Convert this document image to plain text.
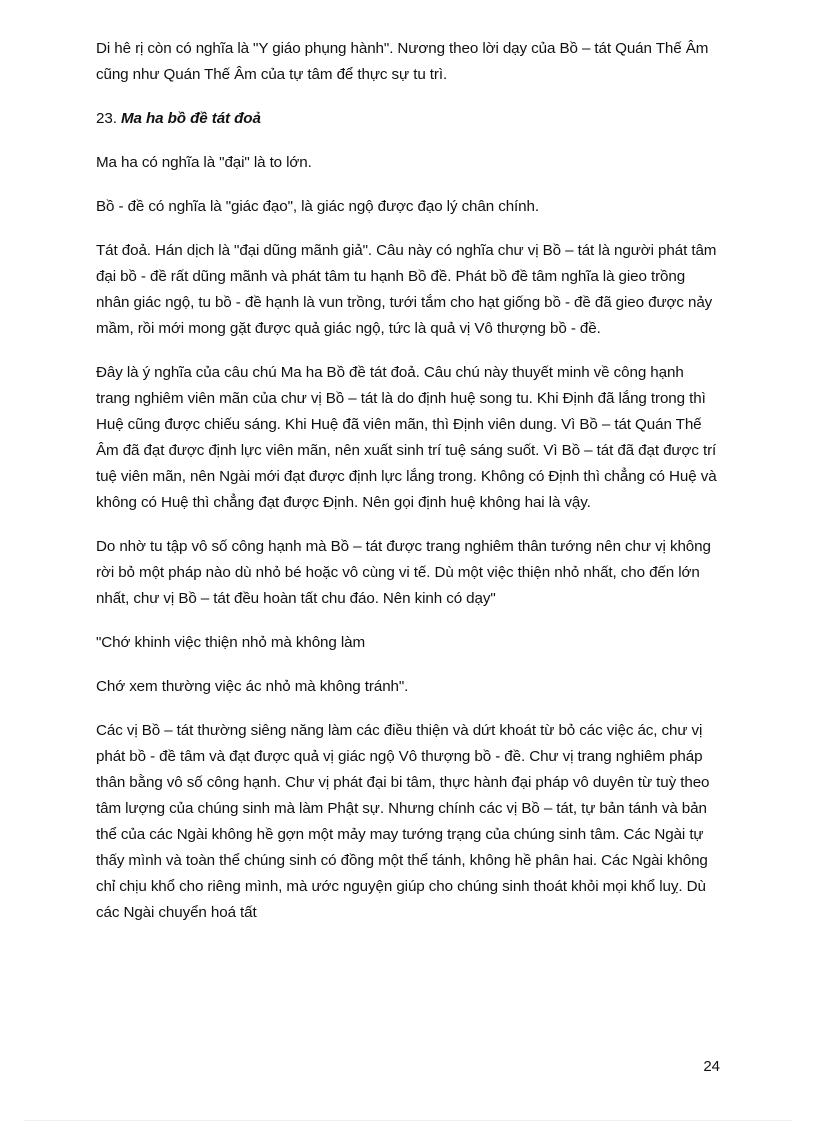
Di hê rị còn có nghĩa là "Y giáo phụng hành". Nương theo lời dạy của Bồ – tát Quán Thế Âm cũng như Quán Thế Âm của tự tâm để thực sự tu trì.

23. Ma ha bồ đề tát đoả

Ma ha có nghĩa là "đại" là to lớn.

Bồ - đề có nghĩa là "giác đạo", là giác ngộ được đạo lý chân chính.

Tát đoả. Hán dịch là "đại dũng mãnh giả". Câu này có nghĩa chư vị Bồ – tát là người phát tâm đại bồ - đề rất dũng mãnh và phát tâm tu hạnh Bồ đề. Phát bồ đề tâm nghĩa là gieo trồng nhân giác ngộ, tu bồ - đề hạnh là vun trồng, tưới tắm cho hạt giống bồ - đề đã gieo được nảy mầm, rồi mới mong gặt được quả giác ngộ, tức là quả vị Vô thượng bồ - đề.

Đây là ý nghĩa của câu chú Ma ha Bồ đề tát đoả. Câu chú này thuyết minh về công hạnh trang nghiêm viên mãn của chư vị Bồ – tát là do định huệ song tu. Khi Định đã lắng trong thì Huệ cũng được chiếu sáng. Khi Huệ đã viên mãn, thì Định viên dung. Vì Bồ – tát Quán Thế Âm đã đạt được định lực viên mãn, nên xuất sinh trí tuệ sáng suốt. Vì Bồ – tát đã đạt được trí tuệ viên mãn, nên Ngài mới đạt được định lực lắng trong. Không có Định thì chẳng có Huệ và không có Huệ thì chẳng đạt được Định. Nên gọi định huệ không hai là vậy.

Do nhờ tu tập vô số công hạnh mà Bồ – tát được trang nghiêm thân tướng nên chư vị không rời bỏ một pháp nào dù nhỏ bé hoặc vô cùng vi tế. Dù một việc thiện nhỏ nhất, cho đến lớn nhất, chư vị Bồ – tát đều hoàn tất chu đáo. Nên kinh có dạy"

"Chớ khinh việc thiện nhỏ mà không làm

Chớ xem thường việc ác nhỏ mà không tránh".

Các vị Bồ – tát thường siêng năng làm các điều thiện và dứt khoát từ bỏ các việc ác, chư vị phát bồ - đề tâm và đạt được quả vị giác ngộ Vô thượng bồ - đề. Chư vị trang nghiêm pháp thân bằng vô số công hạnh. Chư vị phát đại bi tâm, thực hành đại pháp vô duyên từ tuỳ theo tâm lượng của chúng sinh mà làm Phật sự. Nhưng chính các vị Bồ – tát, tự bản tánh và bản thể của các Ngài không hề gợn một mảy may tướng trạng của chúng sinh tâm. Các Ngài tự thấy mình và toàn thể chúng sinh có đồng một thể tánh, không hề phân hai. Các Ngài không chỉ chịu khổ cho riêng mình, mà ước nguyện giúp cho chúng sinh thoát khỏi mọi khổ luỵ. Dù các Ngài chuyển hoá tất

24
